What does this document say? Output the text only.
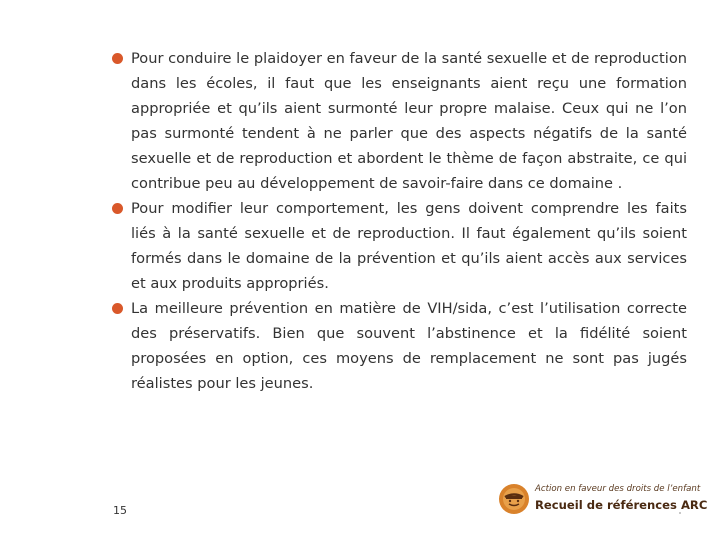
Pour conduire le plaidoyer en faveur de la santé sexuelle et de reproduction dans les écoles, il faut que les enseignants aient reçu une formation appropriée et qu’ils aient surmonté leur propre malaise. Ceux qui ne l’on pas surmonté tendent à ne parler que des aspects négatifs de la santé sexuelle et de reproduction et abordent le thème de façon abstraite, ce qui contribue peu au développement de savoir-faire dans ce domaine .
Pour modifier leur comportement, les gens doivent comprendre les faits liés à la santé sexuelle et de reproduction. Il faut également qu’ils soient formés dans le domaine de la prévention et qu’ils aient accès aux services et aux produits appropriés.
La meilleure prévention en matière de VIH/sida, c’est l’utilisation correcte des préservatifs. Bien que souvent l’abstinence et la fidélité soient proposées en option, ces moyens de remplacement ne sont pas jugés réalistes pour les jeunes.
15
Action en faveur des droits de l’enfant
Recueil de références ARC
